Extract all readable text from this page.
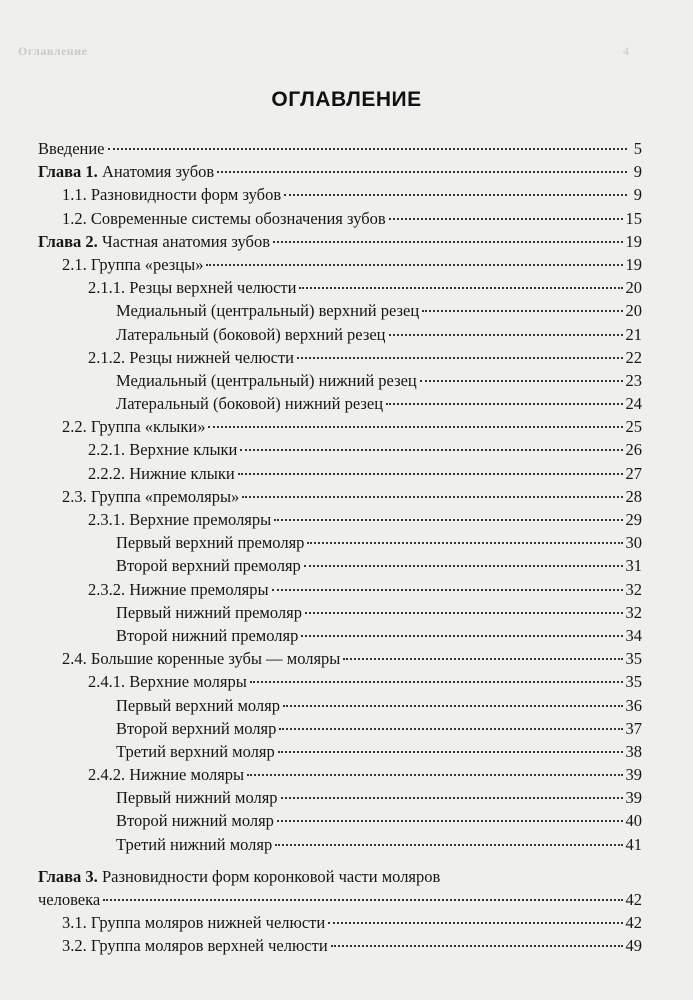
Оглавление	4
ОГЛАВЛЕНИЕ
Введение	5
Глава 1. Анатомия зубов	9
1.1. Разновидности форм зубов	9
1.2. Современные системы обозначения зубов	15
Глава 2. Частная анатомия зубов	19
2.1. Группа «резцы»	19
2.1.1. Резцы верхней челюсти	20
Медиальный (центральный) верхний резец	20
Латеральный (боковой) верхний резец	21
2.1.2. Резцы нижней челюсти	22
Медиальный (центральный) нижний резец	23
Латеральный (боковой) нижний резец	24
2.2. Группа «клыки»	25
2.2.1. Верхние клыки	26
2.2.2. Нижние клыки	27
2.3. Группа «премоляры»	28
2.3.1. Верхние премоляры	29
Первый верхний премоляр	30
Второй верхний премоляр	31
2.3.2. Нижние премоляры	32
Первый нижний премоляр	32
Второй нижний премоляр	34
2.4. Большие коренные зубы — моляры	35
2.4.1. Верхние моляры	35
Первый верхний моляр	36
Второй верхний моляр	37
Третий верхний моляр	38
2.4.2. Нижние моляры	39
Первый нижний моляр	39
Второй нижний моляр	40
Третий нижний моляр	41
Глава 3. Разновидности форм коронковой части моляров
человека	42
3.1. Группа моляров нижней челюсти	42
3.2. Группа моляров верхней челюсти	49
